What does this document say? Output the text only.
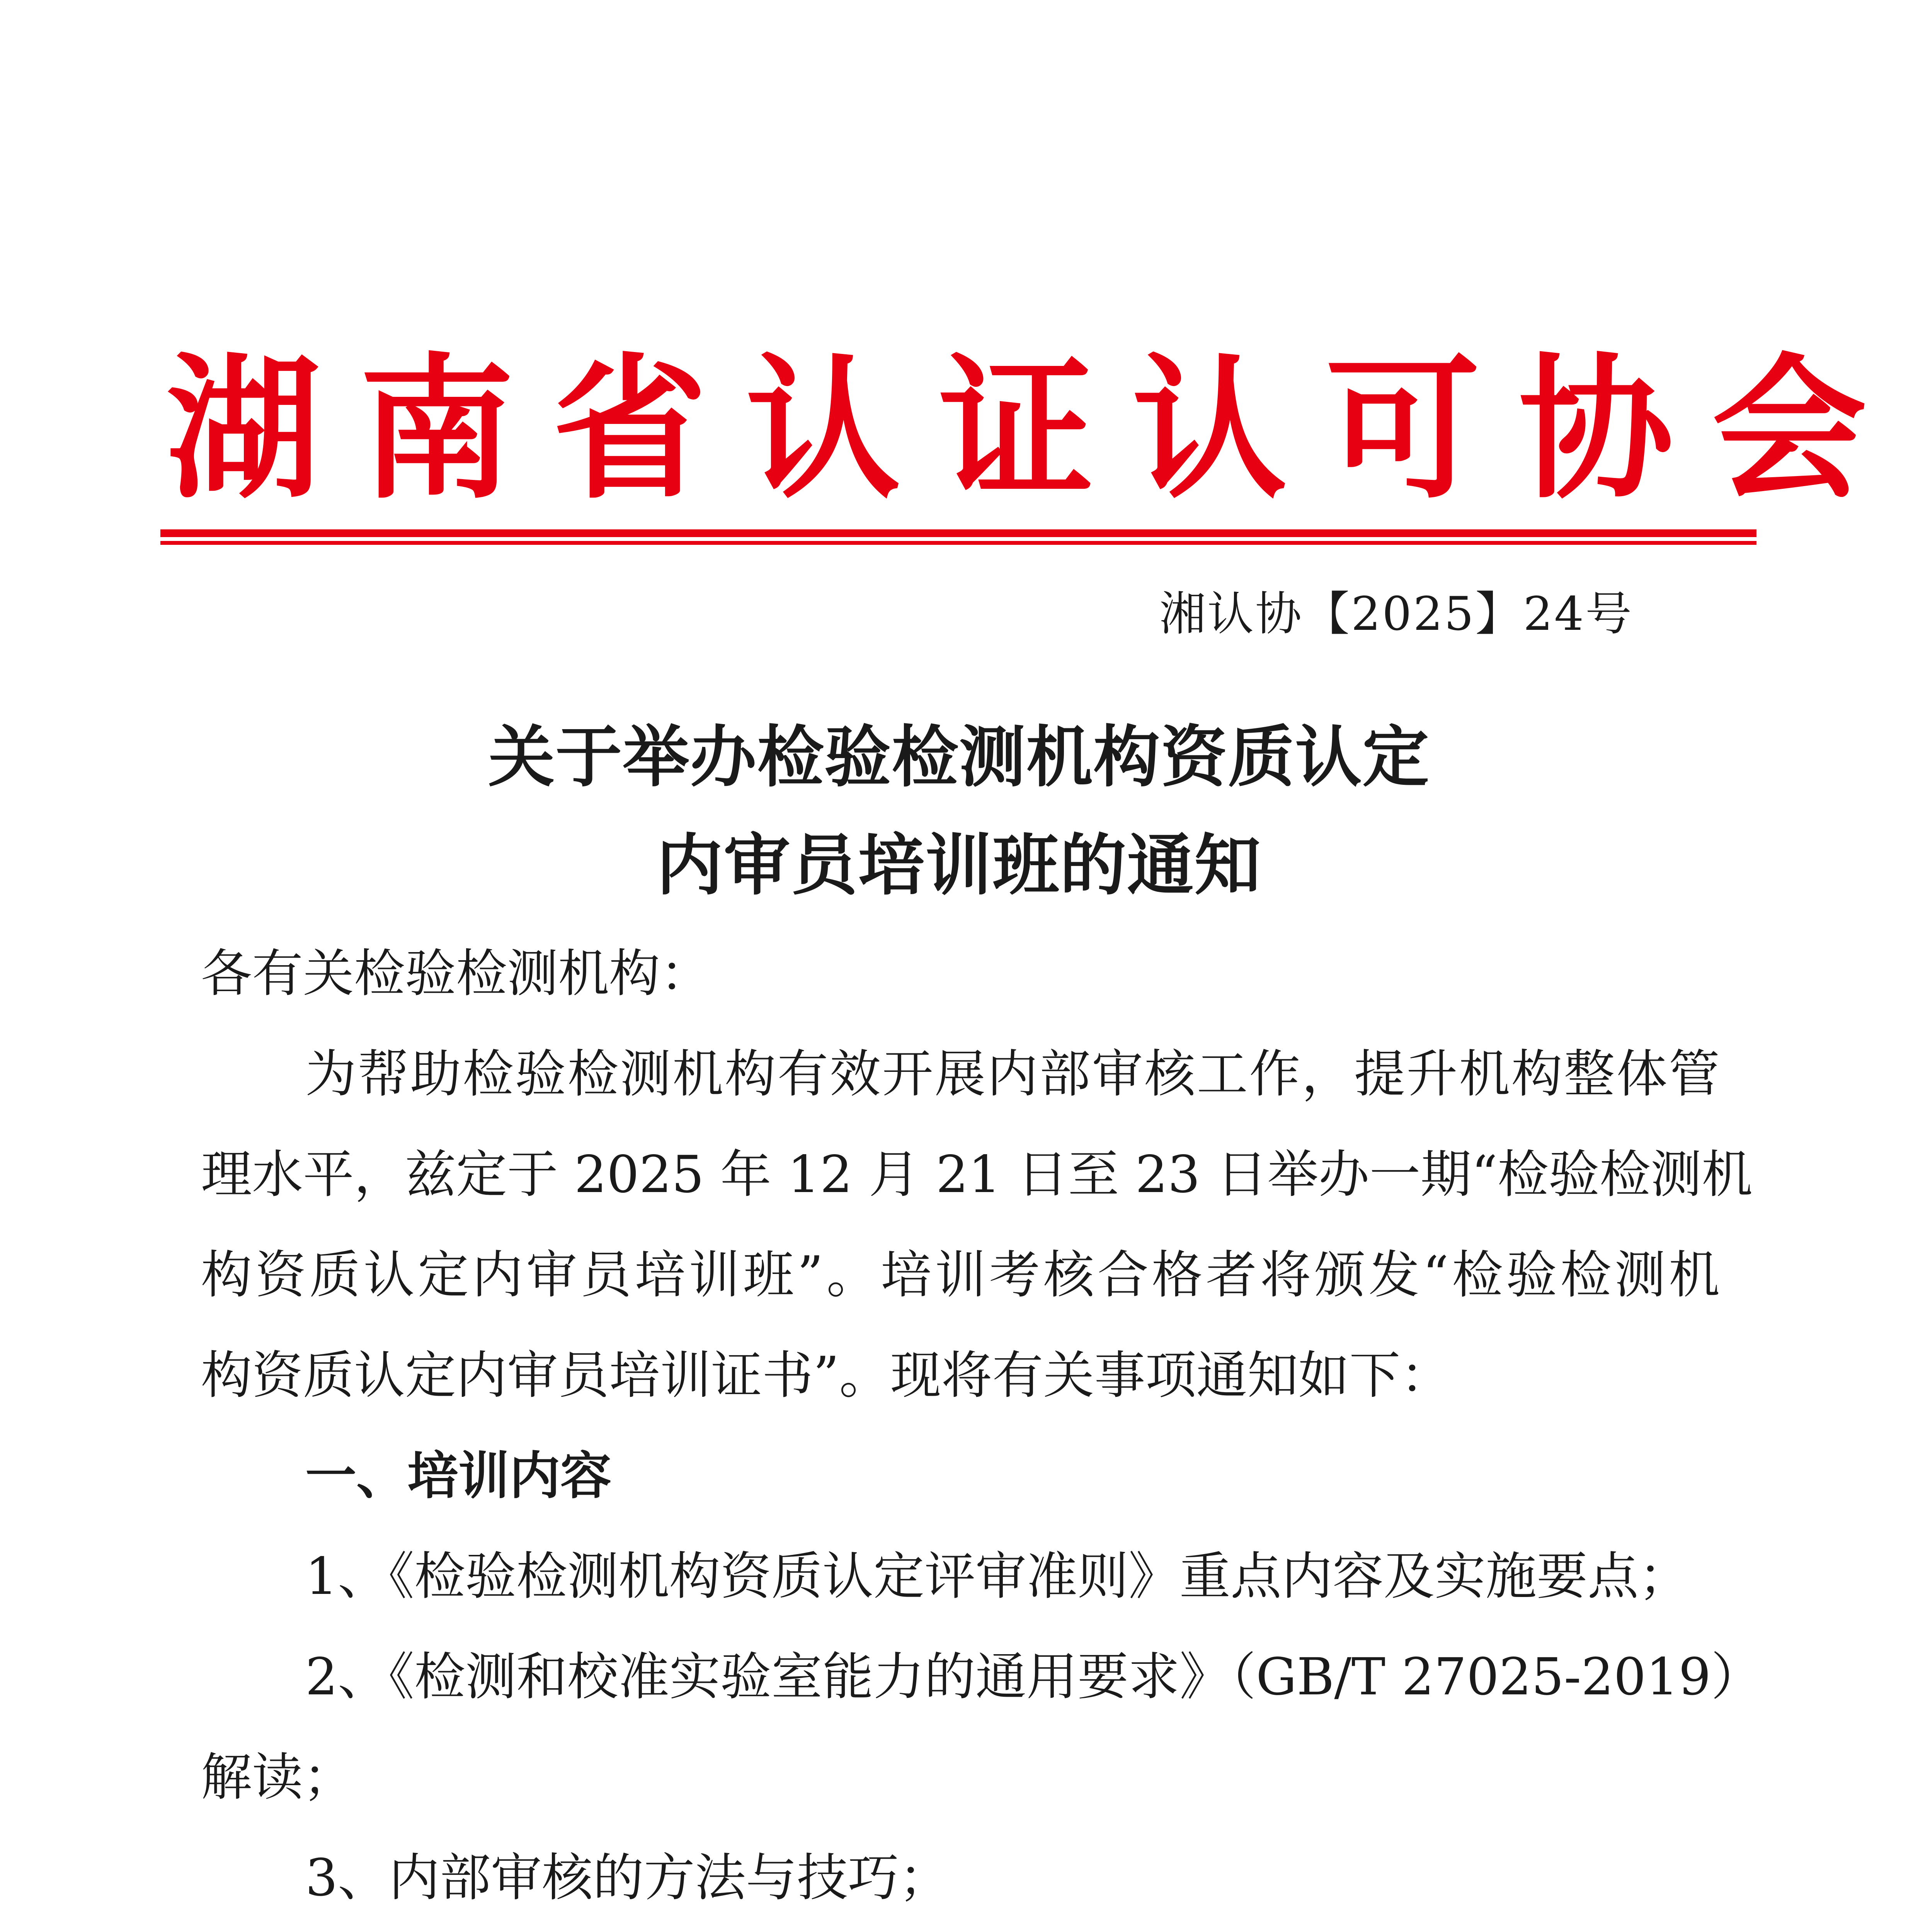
湖南省认证认可协会
湘认协【2025】24号
关于举办检验检测机构资质认定
内审员培训班的通知
各有关检验检测机构：
为帮助检验检测机构有效开展内部审核工作，提升机构整体管
理水平，兹定于 2025 年 12 月 21 日至 23 日举办一期“检验检测机
构资质认定内审员培训班”。培训考核合格者将颁发“检验检测机
构资质认定内审员培训证书”。现将有关事项通知如下：
一、培训内容
1、《检验检测机构资质认定评审准则》重点内容及实施要点；
2、《检测和校准实验室能力的通用要求》（GB/T 27025-2019）
解读；
3、内部审核的方法与技巧；
